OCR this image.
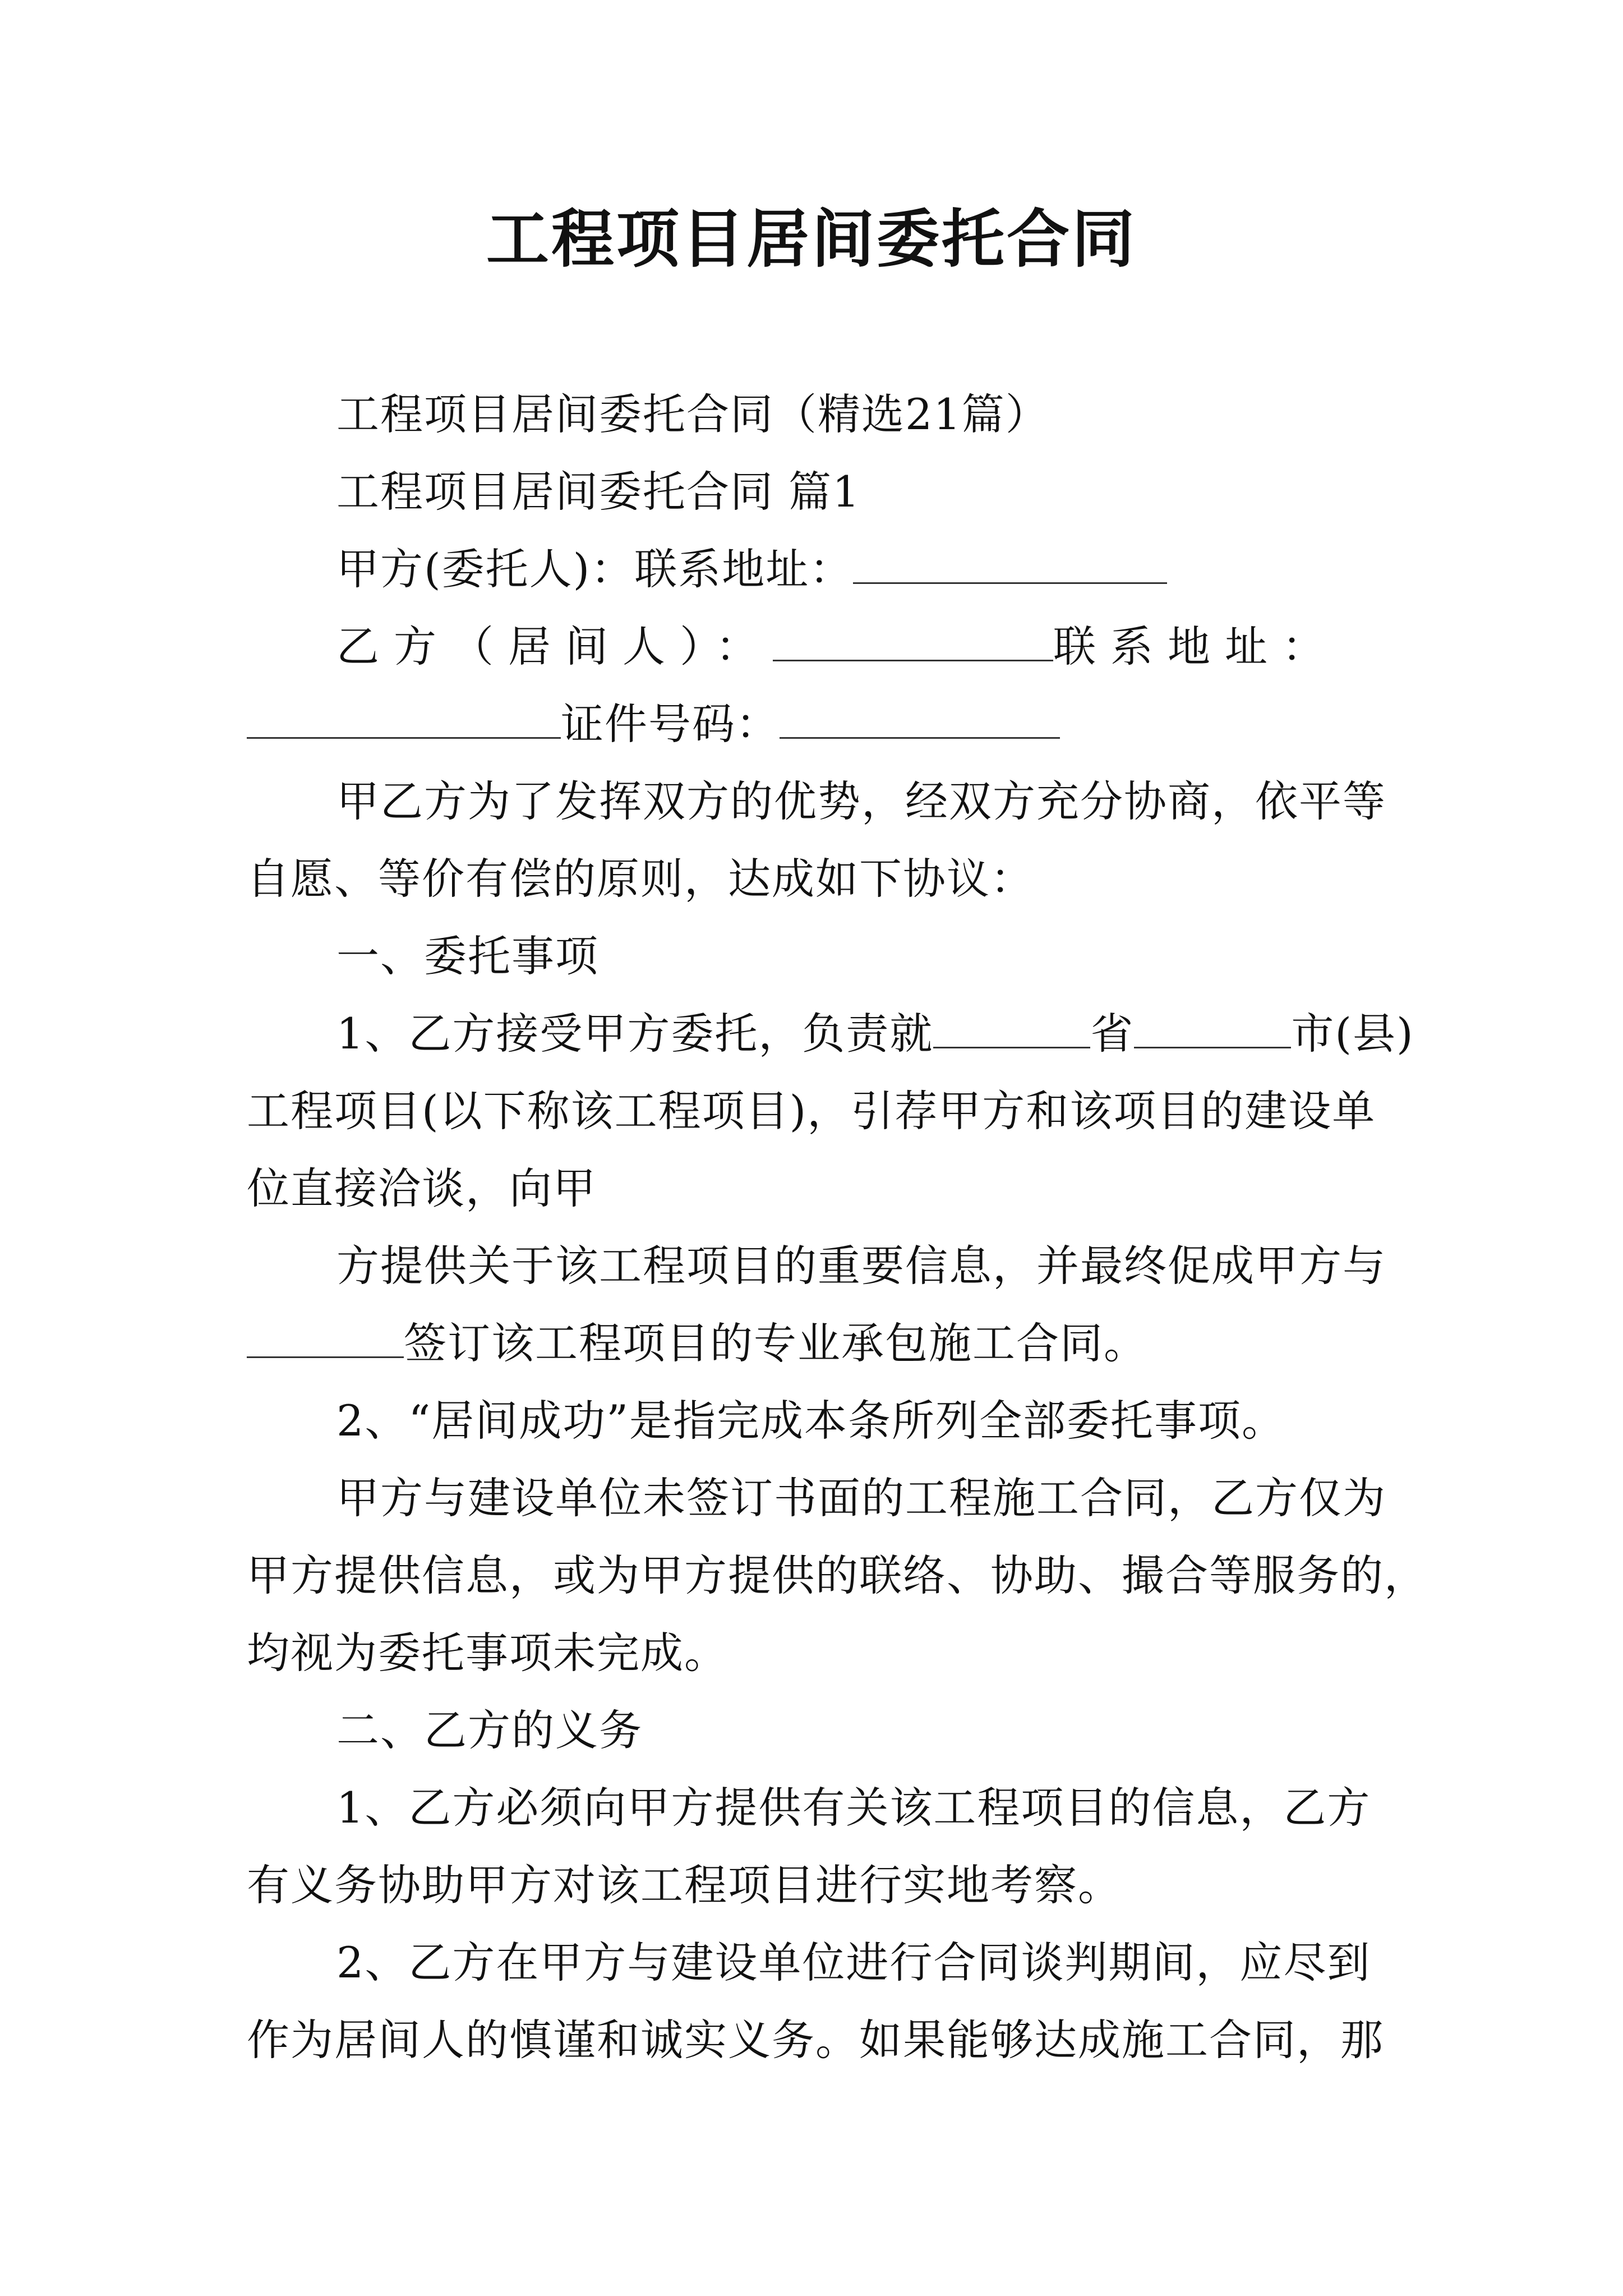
工程项目居间委托合同
工程项目居间委托合同（精选21篇）
工程项目居间委托合同 篇1
甲方(委托人)：联系地址：
乙方（居间人）：	联系地址：
证件号码：
甲乙方为了发挥双方的优势，经双方充分协商，依平等
自愿、等价有偿的原则，达成如下协议：
一、委托事项
1、乙方接受甲方委托，负责就	省	市(县)
工程项目(以下称该工程项目)，引荐甲方和该项目的建设单
位直接洽谈，向甲
方提供关于该工程项目的重要信息，并最终促成甲方与
签订该工程项目的专业承包施工合同。
2、“居间成功”是指完成本条所列全部委托事项。
甲方与建设单位未签订书面的工程施工合同，乙方仅为
甲方提供信息，或为甲方提供的联络、协助、撮合等服务的，
均视为委托事项未完成。
二、乙方的义务
1、乙方必须向甲方提供有关该工程项目的信息，乙方
有义务协助甲方对该工程项目进行实地考察。
2、乙方在甲方与建设单位进行合同谈判期间，应尽到
作为居间人的慎谨和诚实义务。如果能够达成施工合同，那
